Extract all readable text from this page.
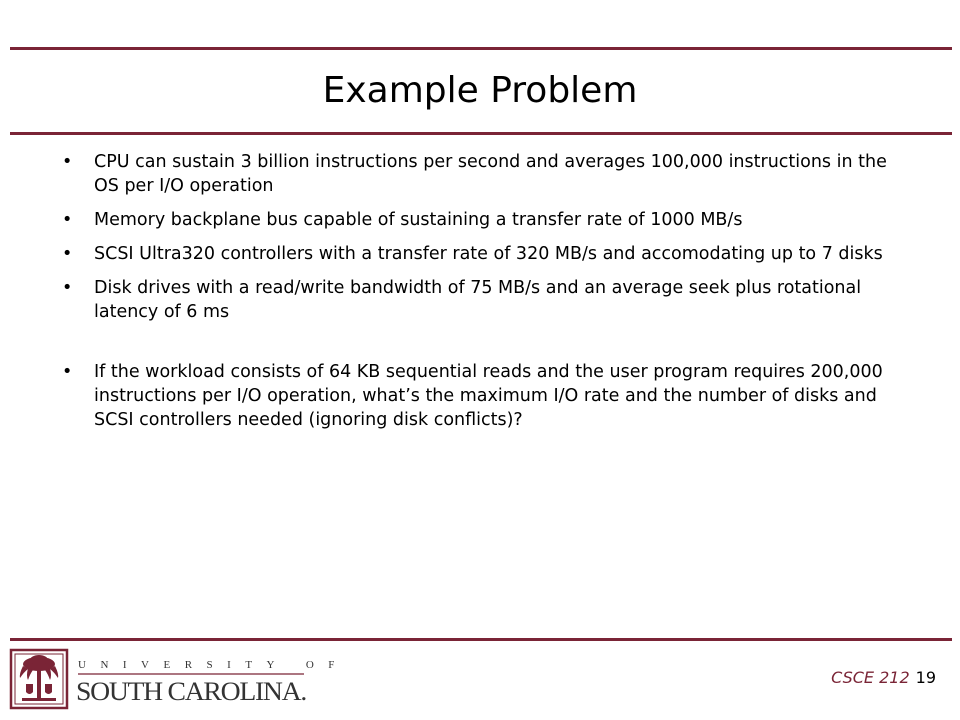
Example Problem
• CPU can sustain 3 billion instructions per second and averages 100,000 instructions in the OS per I/O operation
• Memory backplane bus capable of sustaining a transfer rate of 1000 MB/s
• SCSI Ultra320 controllers with a transfer rate of 320 MB/s and accomodating up to 7 disks
• Disk drives with a read/write bandwidth of 75 MB/s and an average seek plus rotational latency of 6 ms
• If the workload consists of 64 KB sequential reads and the user program requires 200,000 instructions per I/O operation, what’s the maximum I/O rate and the number of disks and SCSI controllers needed (ignoring disk conflicts)?
UNIVERSITY OF
SOUTH CAROLINA.	CSCE 212 19
